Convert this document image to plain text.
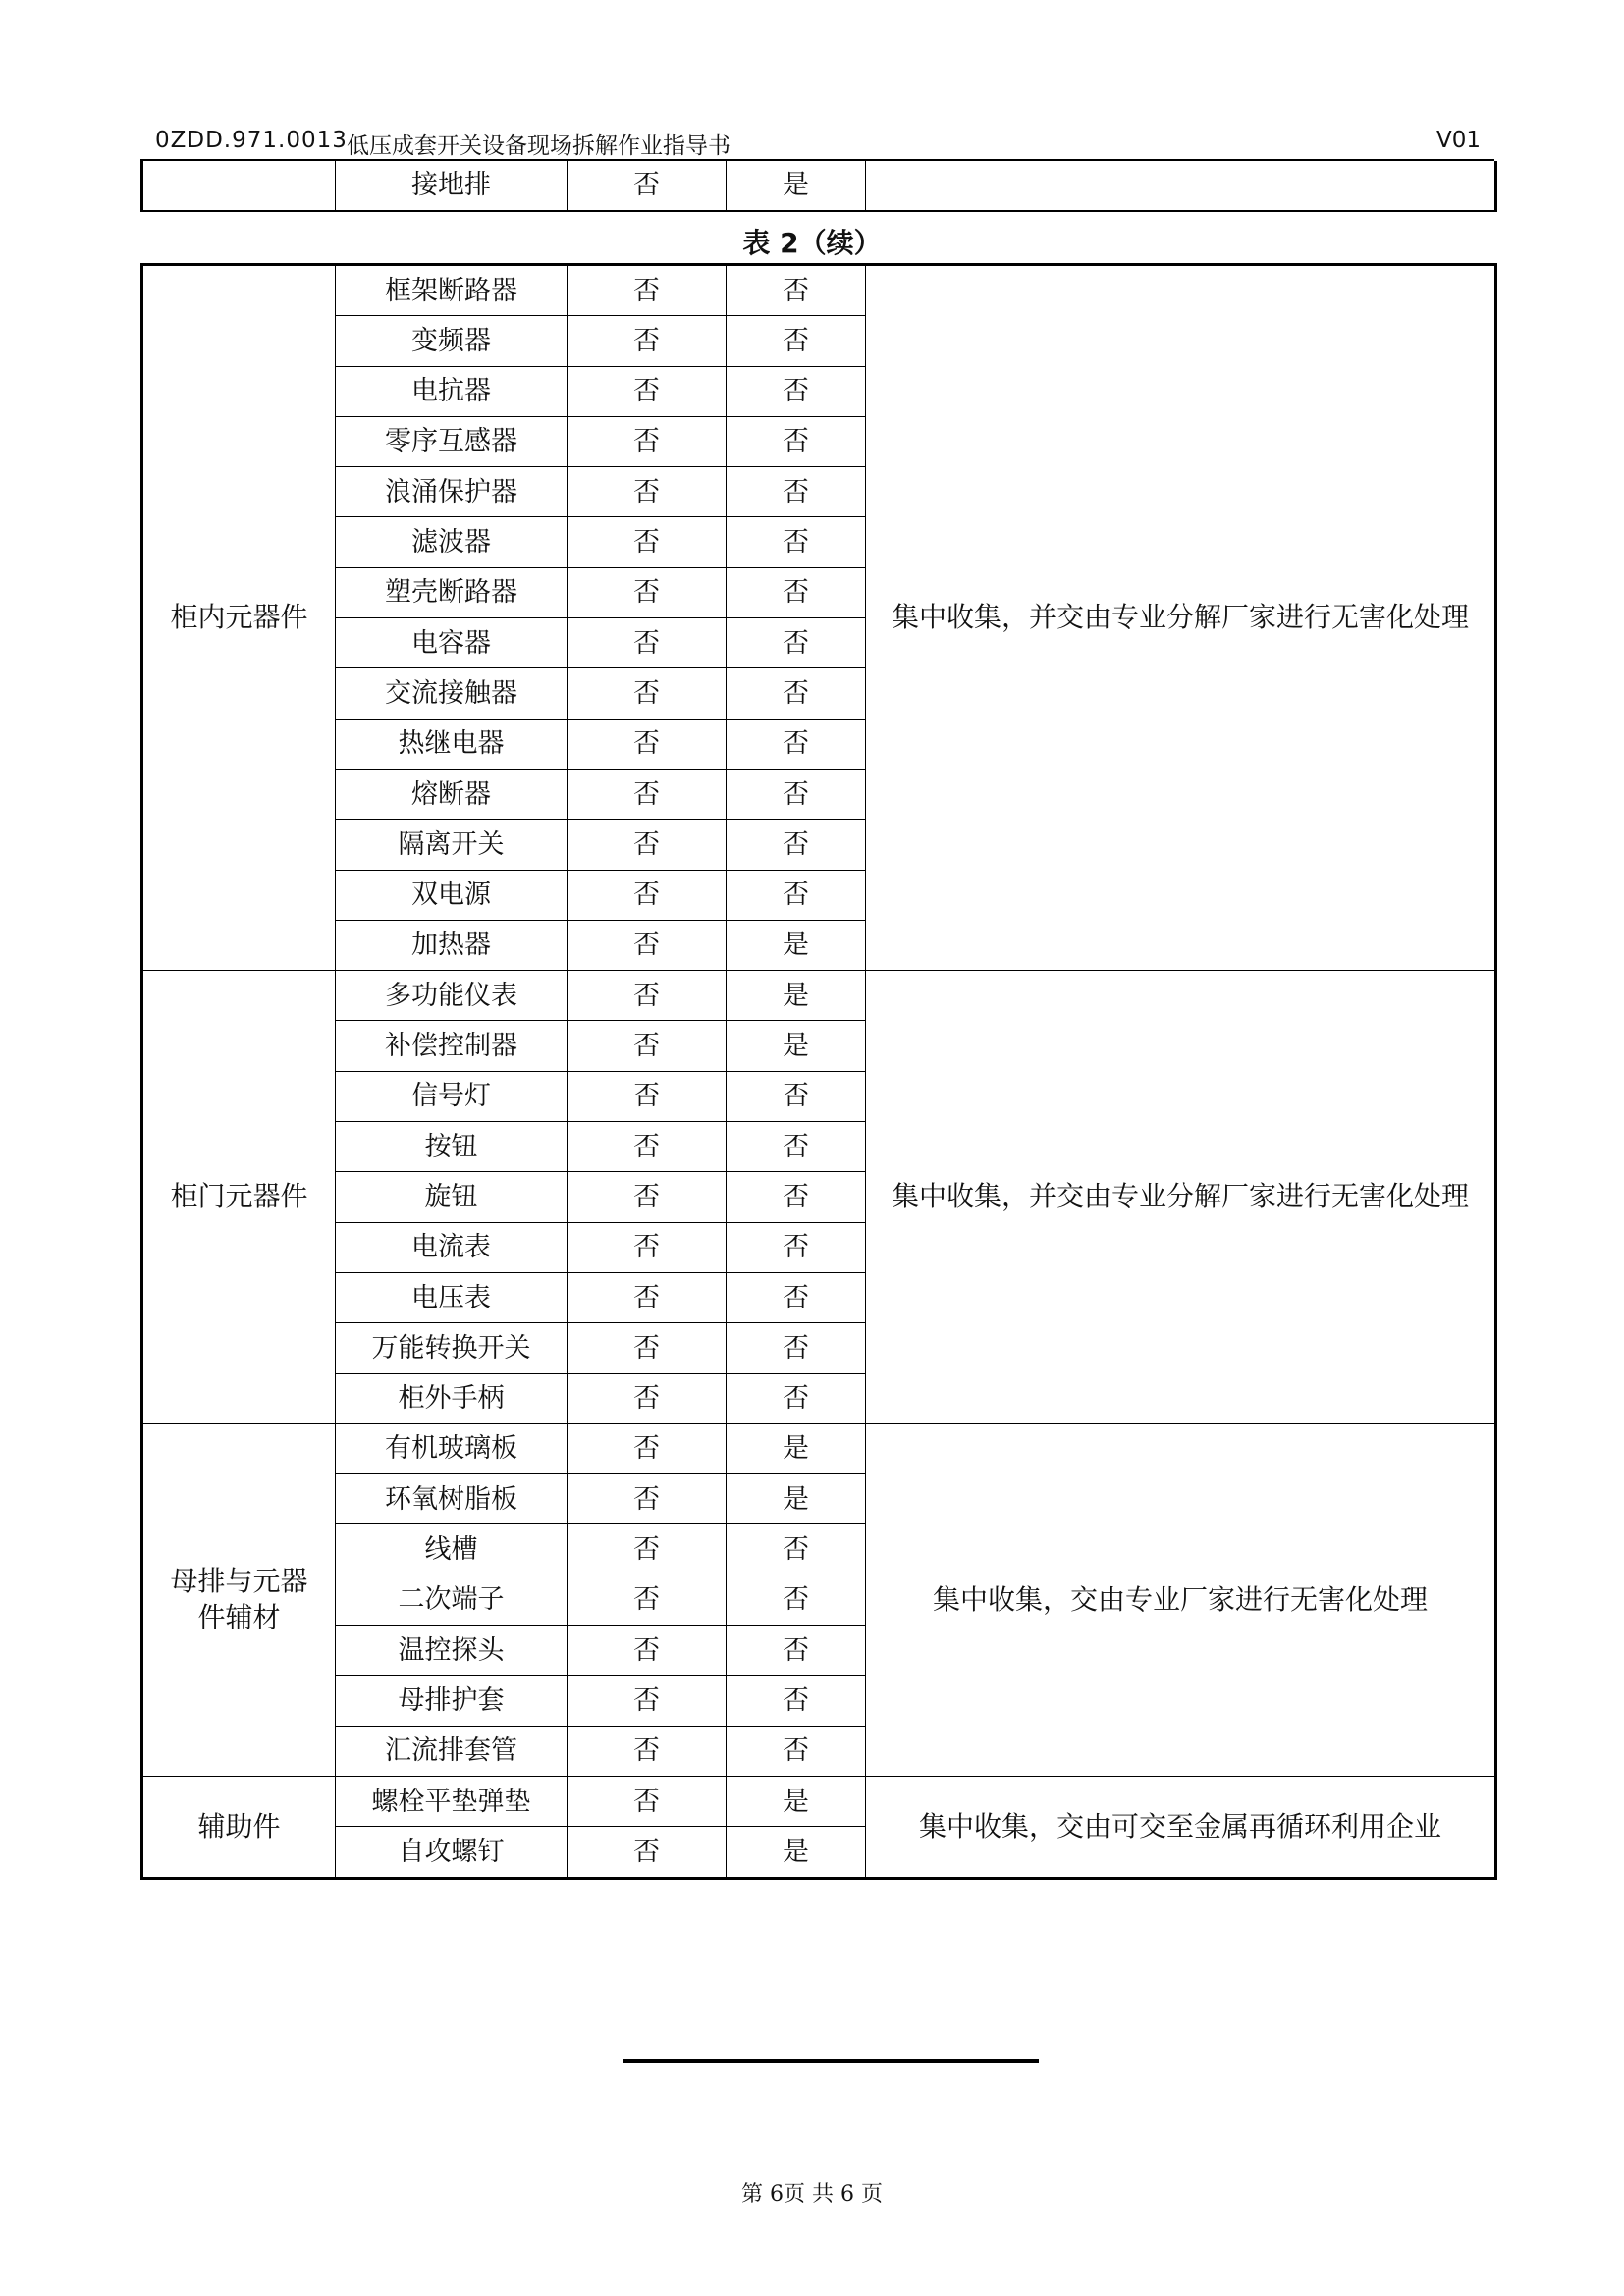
0ZDD.971.0013 低压成套开关设备现场拆解作业指导书	V01
	接地排	否	是	
表 2（续）
柜内元器件	框架断路器	否	否	集中收集，并交由专业分解厂家进行无害化处理
	变频器	否	否	
	电抗器	否	否	
	零序互感器	否	否	
	浪涌保护器	否	否	
	滤波器	否	否	
	塑壳断路器	否	否	
	电容器	否	否	
	交流接触器	否	否	
	热继电器	否	否	
	熔断器	否	否	
	隔离开关	否	否	
	双电源	否	否	
	加热器	否	是	
柜门元器件	多功能仪表	否	是	集中收集，并交由专业分解厂家进行无害化处理
	补偿控制器	否	是	
	信号灯	否	否	
	按钮	否	否	
	旋钮	否	否	
	电流表	否	否	
	电压表	否	否	
	万能转换开关	否	否	
	柜外手柄	否	否	

母排与元器
件辅材	有机玻璃板	否	是	集中收集，交由专业厂家进行无害化处理
	环氧树脂板	否	是	
	线槽	否	否	
	二次端子	否	否	
	温控探头	否	否	
	母排护套	否	否	
	汇流排套管	否	否	
辅助件	螺栓平垫弹垫	否	是	集中收集，交由可交至金属再循环利用企业
	自攻螺钉	否	是	
第 6页 共 6 页
